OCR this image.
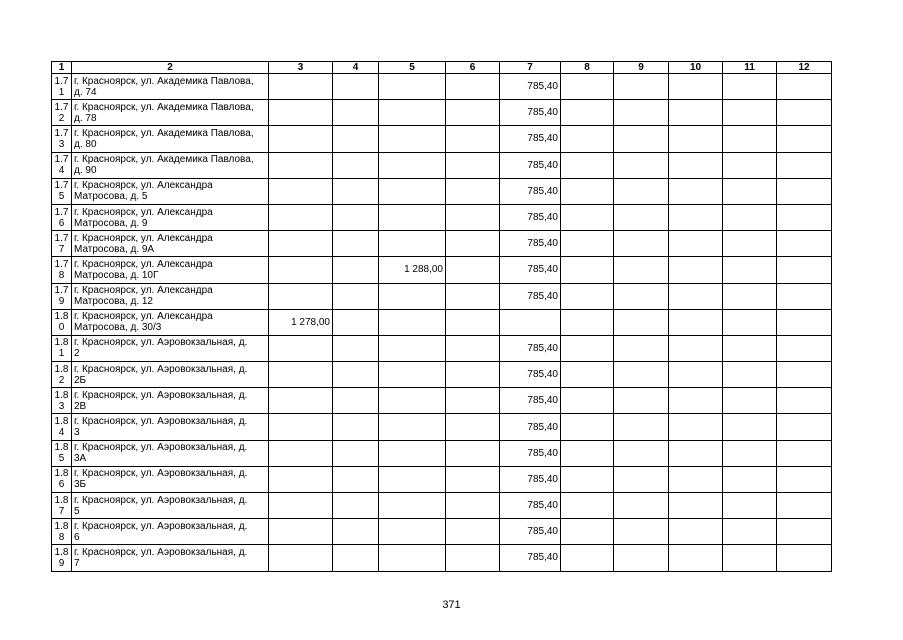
1	2	3	4	5	6	7	8	9	10	11	12

1.7
1	г. Красноярск, ул. Академика Павлова,
д. 74					785,40					

1.7
2	г. Красноярск, ул. Академика Павлова,
д. 78					785,40					

1.7
3	г. Красноярск, ул. Академика Павлова,
д. 80					785,40					

1.7
4	г. Красноярск, ул. Академика Павлова,
д. 90					785,40					

1.7
5	г. Красноярск, ул. Александра
Матросова, д. 5					785,40					

1.7
6	г. Красноярск, ул. Александра
Матросова, д. 9					785,40					

1.7
7	г. Красноярск, ул. Александра
Матросова, д. 9А					785,40					

1.7
8	г. Красноярск, ул. Александра
Матросова, д. 10Г			1 288,00		785,40					

1.7
9	г. Красноярск, ул. Александра
Матросова, д. 12					785,40					

1.8
0	г. Красноярск, ул. Александра
Матросова, д. 30/3	1 278,00									

1.8
1	г. Красноярск, ул. Аэровокзальная, д.
2					785,40					

1.8
2	г. Красноярск, ул. Аэровокзальная, д.
2Б					785,40					

1.8
3	г. Красноярск, ул. Аэровокзальная, д.
2В					785,40					

1.8
4	г. Красноярск, ул. Аэровокзальная, д.
3					785,40					

1.8
5	г. Красноярск, ул. Аэровокзальная, д.
3А					785,40					

1.8
6	г. Красноярск, ул. Аэровокзальная, д.
3Б					785,40					

1.8
7	г. Красноярск, ул. Аэровокзальная, д.
5					785,40					

1.8
8	г. Красноярск, ул. Аэровокзальная, д.
6					785,40					

1.8
9	г. Красноярск, ул. Аэровокзальная, д.
7					785,40					
371
